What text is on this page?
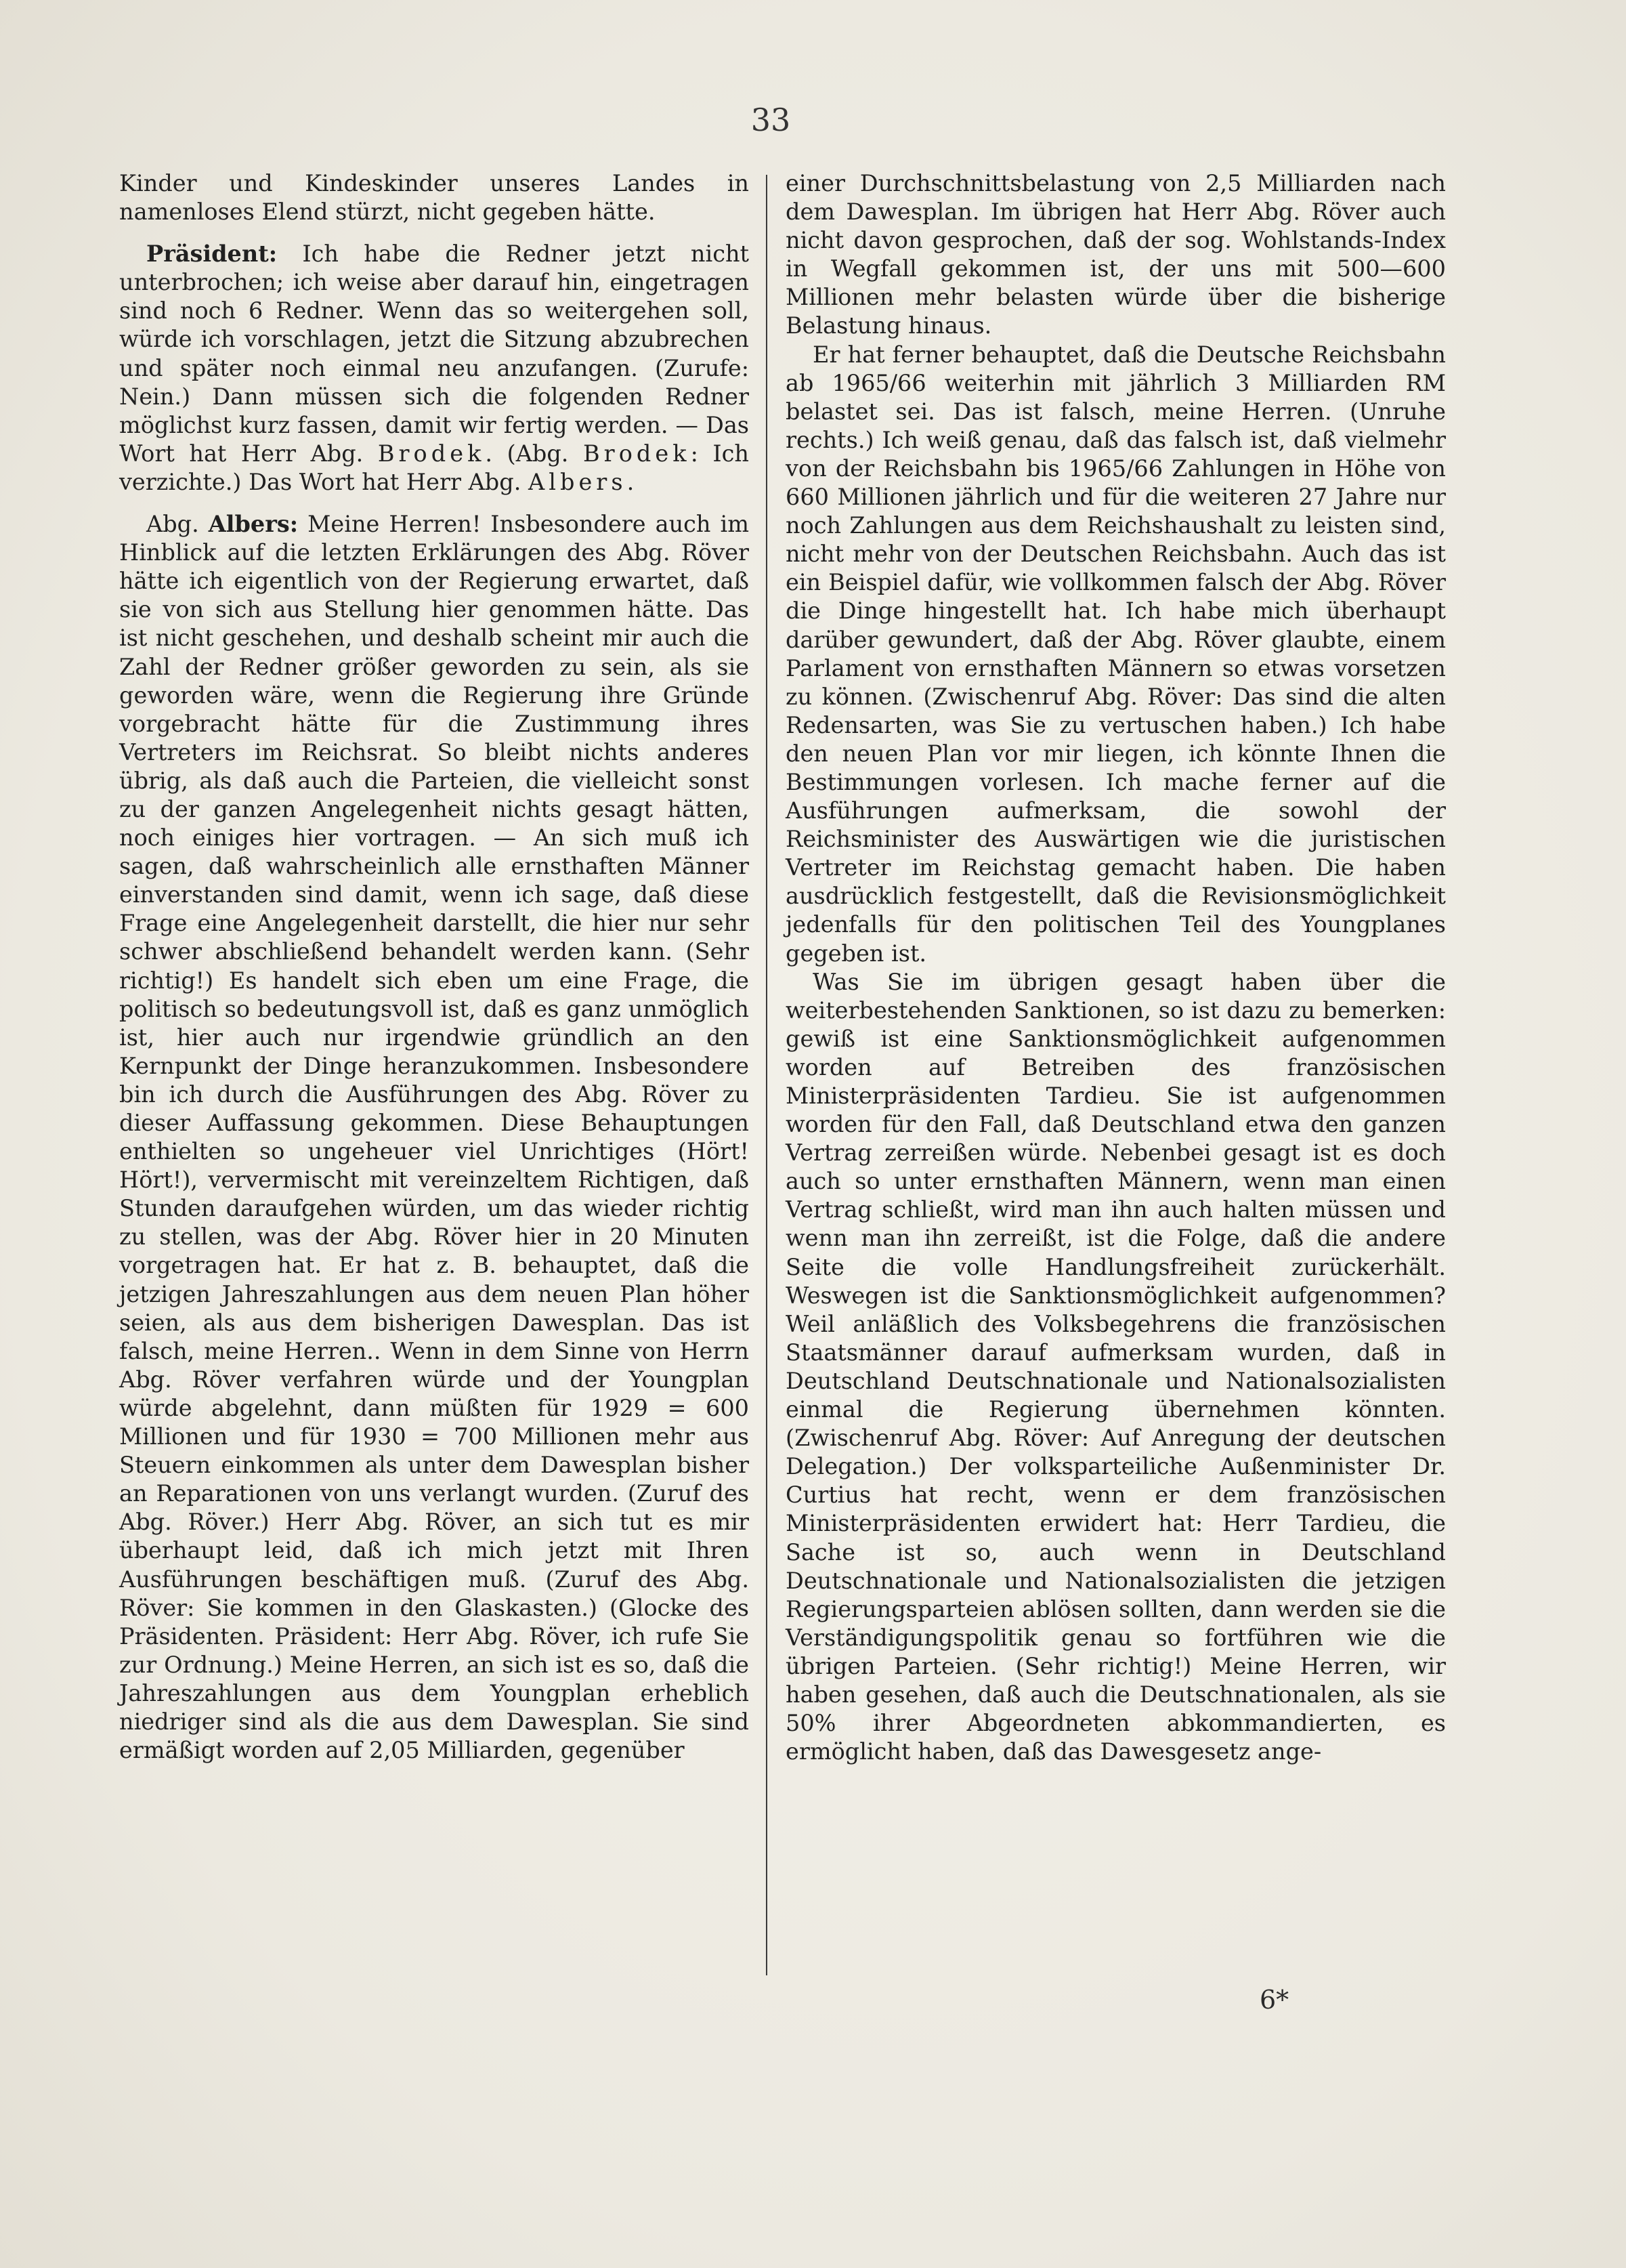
33

Kinder und Kindeskinder unseres Landes in namenloses Elend stürzt, nicht gegeben hätte.

Präsident: Ich habe die Redner jetzt nicht unterbrochen; ich weise aber darauf hin, eingetragen sind noch 6 Redner. Wenn das so weitergehen soll, würde ich vorschlagen, jetzt die Sitzung abzubrechen und später noch einmal neu anzufangen. (Zurufe: Nein.) Dann müssen sich die folgenden Redner möglichst kurz fassen, damit wir fertig werden. — Das Wort hat Herr Abg. Brodek. (Abg. Brodek: Ich verzichte.) Das Wort hat Herr Abg. Albers.

Abg. Albers: Meine Herren! Insbesondere auch im Hinblick auf die letzten Erklärungen des Abg. Röver hätte ich eigentlich von der Regierung erwartet, daß sie von sich aus Stellung hier genommen hätte. Das ist nicht geschehen, und deshalb scheint mir auch die Zahl der Redner größer geworden zu sein, als sie geworden wäre, wenn die Regierung ihre Gründe vorgebracht hätte für die Zustimmung ihres Vertreters im Reichsrat. So bleibt nichts anderes übrig, als daß auch die Parteien, die vielleicht sonst zu der ganzen Angelegenheit nichts gesagt hätten, noch einiges hier vortragen. — An sich muß ich sagen, daß wahrscheinlich alle ernsthaften Männer einverstanden sind damit, wenn ich sage, daß diese Frage eine Angelegenheit darstellt, die hier nur sehr schwer abschließend behandelt werden kann. (Sehr richtig!) Es handelt sich eben um eine Frage, die politisch so bedeutungsvoll ist, daß es ganz unmöglich ist, hier auch nur irgendwie gründlich an den Kernpunkt der Dinge heranzukommen. Insbesondere bin ich durch die Ausführungen des Abg. Röver zu dieser Auffassung gekommen. Diese Behauptungen enthielten so ungeheuer viel Unrichtiges (Hört! Hört!), ververmischt mit vereinzeltem Richtigen, daß Stunden daraufgehen würden, um das wieder richtig zu stellen, was der Abg. Röver hier in 20 Minuten vorgetragen hat. Er hat z. B. behauptet, daß die jetzigen Jahreszahlungen aus dem neuen Plan höher seien, als aus dem bisherigen Dawesplan. Das ist falsch, meine Herren.. Wenn in dem Sinne von Herrn Abg. Röver verfahren würde und der Youngplan würde abgelehnt, dann müßten für 1929 = 600 Millionen und für 1930 = 700 Millionen mehr aus Steuern einkommen als unter dem Dawesplan bisher an Reparationen von uns verlangt wurden. (Zuruf des Abg. Röver.) Herr Abg. Röver, an sich tut es mir überhaupt leid, daß ich mich jetzt mit Ihren Ausführungen beschäftigen muß. (Zuruf des Abg. Röver: Sie kommen in den Glaskasten.) (Glocke des Präsidenten. Präsident: Herr Abg. Röver, ich rufe Sie zur Ordnung.) Meine Herren, an sich ist es so, daß die Jahreszahlungen aus dem Youngplan erheblich niedriger sind als die aus dem Dawesplan. Sie sind ermäßigt worden auf 2,05 Milliarden, gegenüber

einer Durchschnittsbelastung von 2,5 Milliarden nach dem Dawesplan. Im übrigen hat Herr Abg. Röver auch nicht davon gesprochen, daß der sog. Wohlstands-Index in Wegfall gekommen ist, der uns mit 500—600 Millionen mehr belasten würde über die bisherige Belastung hinaus.

Er hat ferner behauptet, daß die Deutsche Reichsbahn ab 1965/66 weiterhin mit jährlich 3 Milliarden RM belastet sei. Das ist falsch, meine Herren. (Unruhe rechts.) Ich weiß genau, daß das falsch ist, daß vielmehr von der Reichsbahn bis 1965/66 Zahlungen in Höhe von 660 Millionen jährlich und für die weiteren 27 Jahre nur noch Zahlungen aus dem Reichshaushalt zu leisten sind, nicht mehr von der Deutschen Reichsbahn. Auch das ist ein Beispiel dafür, wie vollkommen falsch der Abg. Röver die Dinge hingestellt hat. Ich habe mich überhaupt darüber gewundert, daß der Abg. Röver glaubte, einem Parlament von ernsthaften Männern so etwas vorsetzen zu können. (Zwischenruf Abg. Röver: Das sind die alten Redensarten, was Sie zu vertuschen haben.) Ich habe den neuen Plan vor mir liegen, ich könnte Ihnen die Bestimmungen vorlesen. Ich mache ferner auf die Ausführungen aufmerksam, die sowohl der Reichsminister des Auswärtigen wie die juristischen Vertreter im Reichstag gemacht haben. Die haben ausdrücklich festgestellt, daß die Revisionsmöglichkeit jedenfalls für den politischen Teil des Youngplanes gegeben ist.

Was Sie im übrigen gesagt haben über die weiterbestehenden Sanktionen, so ist dazu zu bemerken: gewiß ist eine Sanktionsmöglichkeit aufgenommen worden auf Betreiben des französischen Ministerpräsidenten Tardieu. Sie ist aufgenommen worden für den Fall, daß Deutschland etwa den ganzen Vertrag zerreißen würde. Nebenbei gesagt ist es doch auch so unter ernsthaften Männern, wenn man einen Vertrag schließt, wird man ihn auch halten müssen und wenn man ihn zerreißt, ist die Folge, daß die andere Seite die volle Handlungsfreiheit zurückerhält. Weswegen ist die Sanktionsmöglichkeit aufgenommen? Weil anläßlich des Volksbegehrens die französischen Staatsmänner darauf aufmerksam wurden, daß in Deutschland Deutschnationale und Nationalsozialisten einmal die Regierung übernehmen könnten. (Zwischenruf Abg. Röver: Auf Anregung der deutschen Delegation.) Der volksparteiliche Außenminister Dr. Curtius hat recht, wenn er dem französischen Ministerpräsidenten erwidert hat: Herr Tardieu, die Sache ist so, auch wenn in Deutschland Deutschnationale und Nationalsozialisten die jetzigen Regierungsparteien ablösen sollten, dann werden sie die Verständigungspolitik genau so fortführen wie die übrigen Parteien. (Sehr richtig!) Meine Herren, wir haben gesehen, daß auch die Deutschnationalen, als sie 50% ihrer Abgeordneten abkommandierten, es ermöglicht haben, daß das Dawesgesetz ange-

6*
